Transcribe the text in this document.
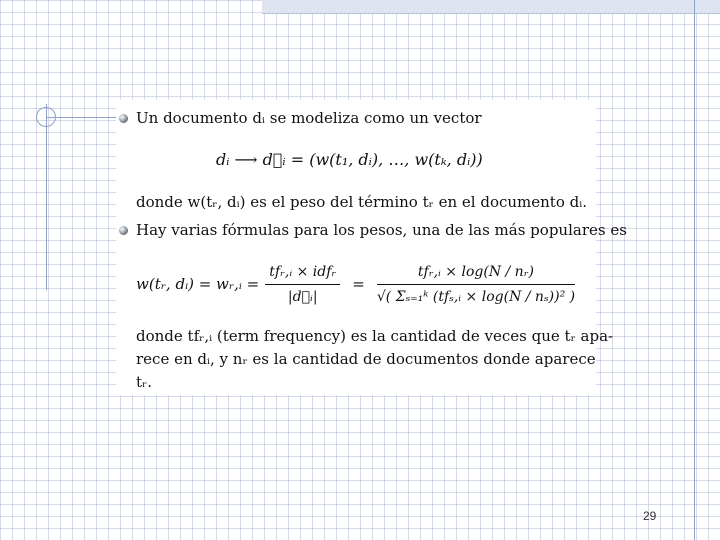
Un documento dᵢ se modeliza como un vector
dᵢ ⟶ d⃗ᵢ = (w(t₁, dᵢ), …, w(tₖ, dᵢ))
donde w(tᵣ, dᵢ) es el peso del término tᵣ en el documento dᵢ.
Hay varias fórmulas para los pesos, una de las más populares es
w(tᵣ, dᵢ) = wᵣ,ᵢ = $\frac{\text{tfᵣ,ᵢ × idfᵣ}}{\text{|d⃗ᵢ|}} = \frac{\text{tfᵣ,ᵢ × log(N / nᵣ)}}{\text{√( Σₛ₌₁ᵏ (tfₛ,ᵢ × log(N / nₛ))² )}}$
donde tfᵣ,ᵢ (term frequency) es la cantidad de veces que tᵣ apa-
rece en dᵢ, y nᵣ es la cantidad de documentos donde aparece
tᵣ.
29
